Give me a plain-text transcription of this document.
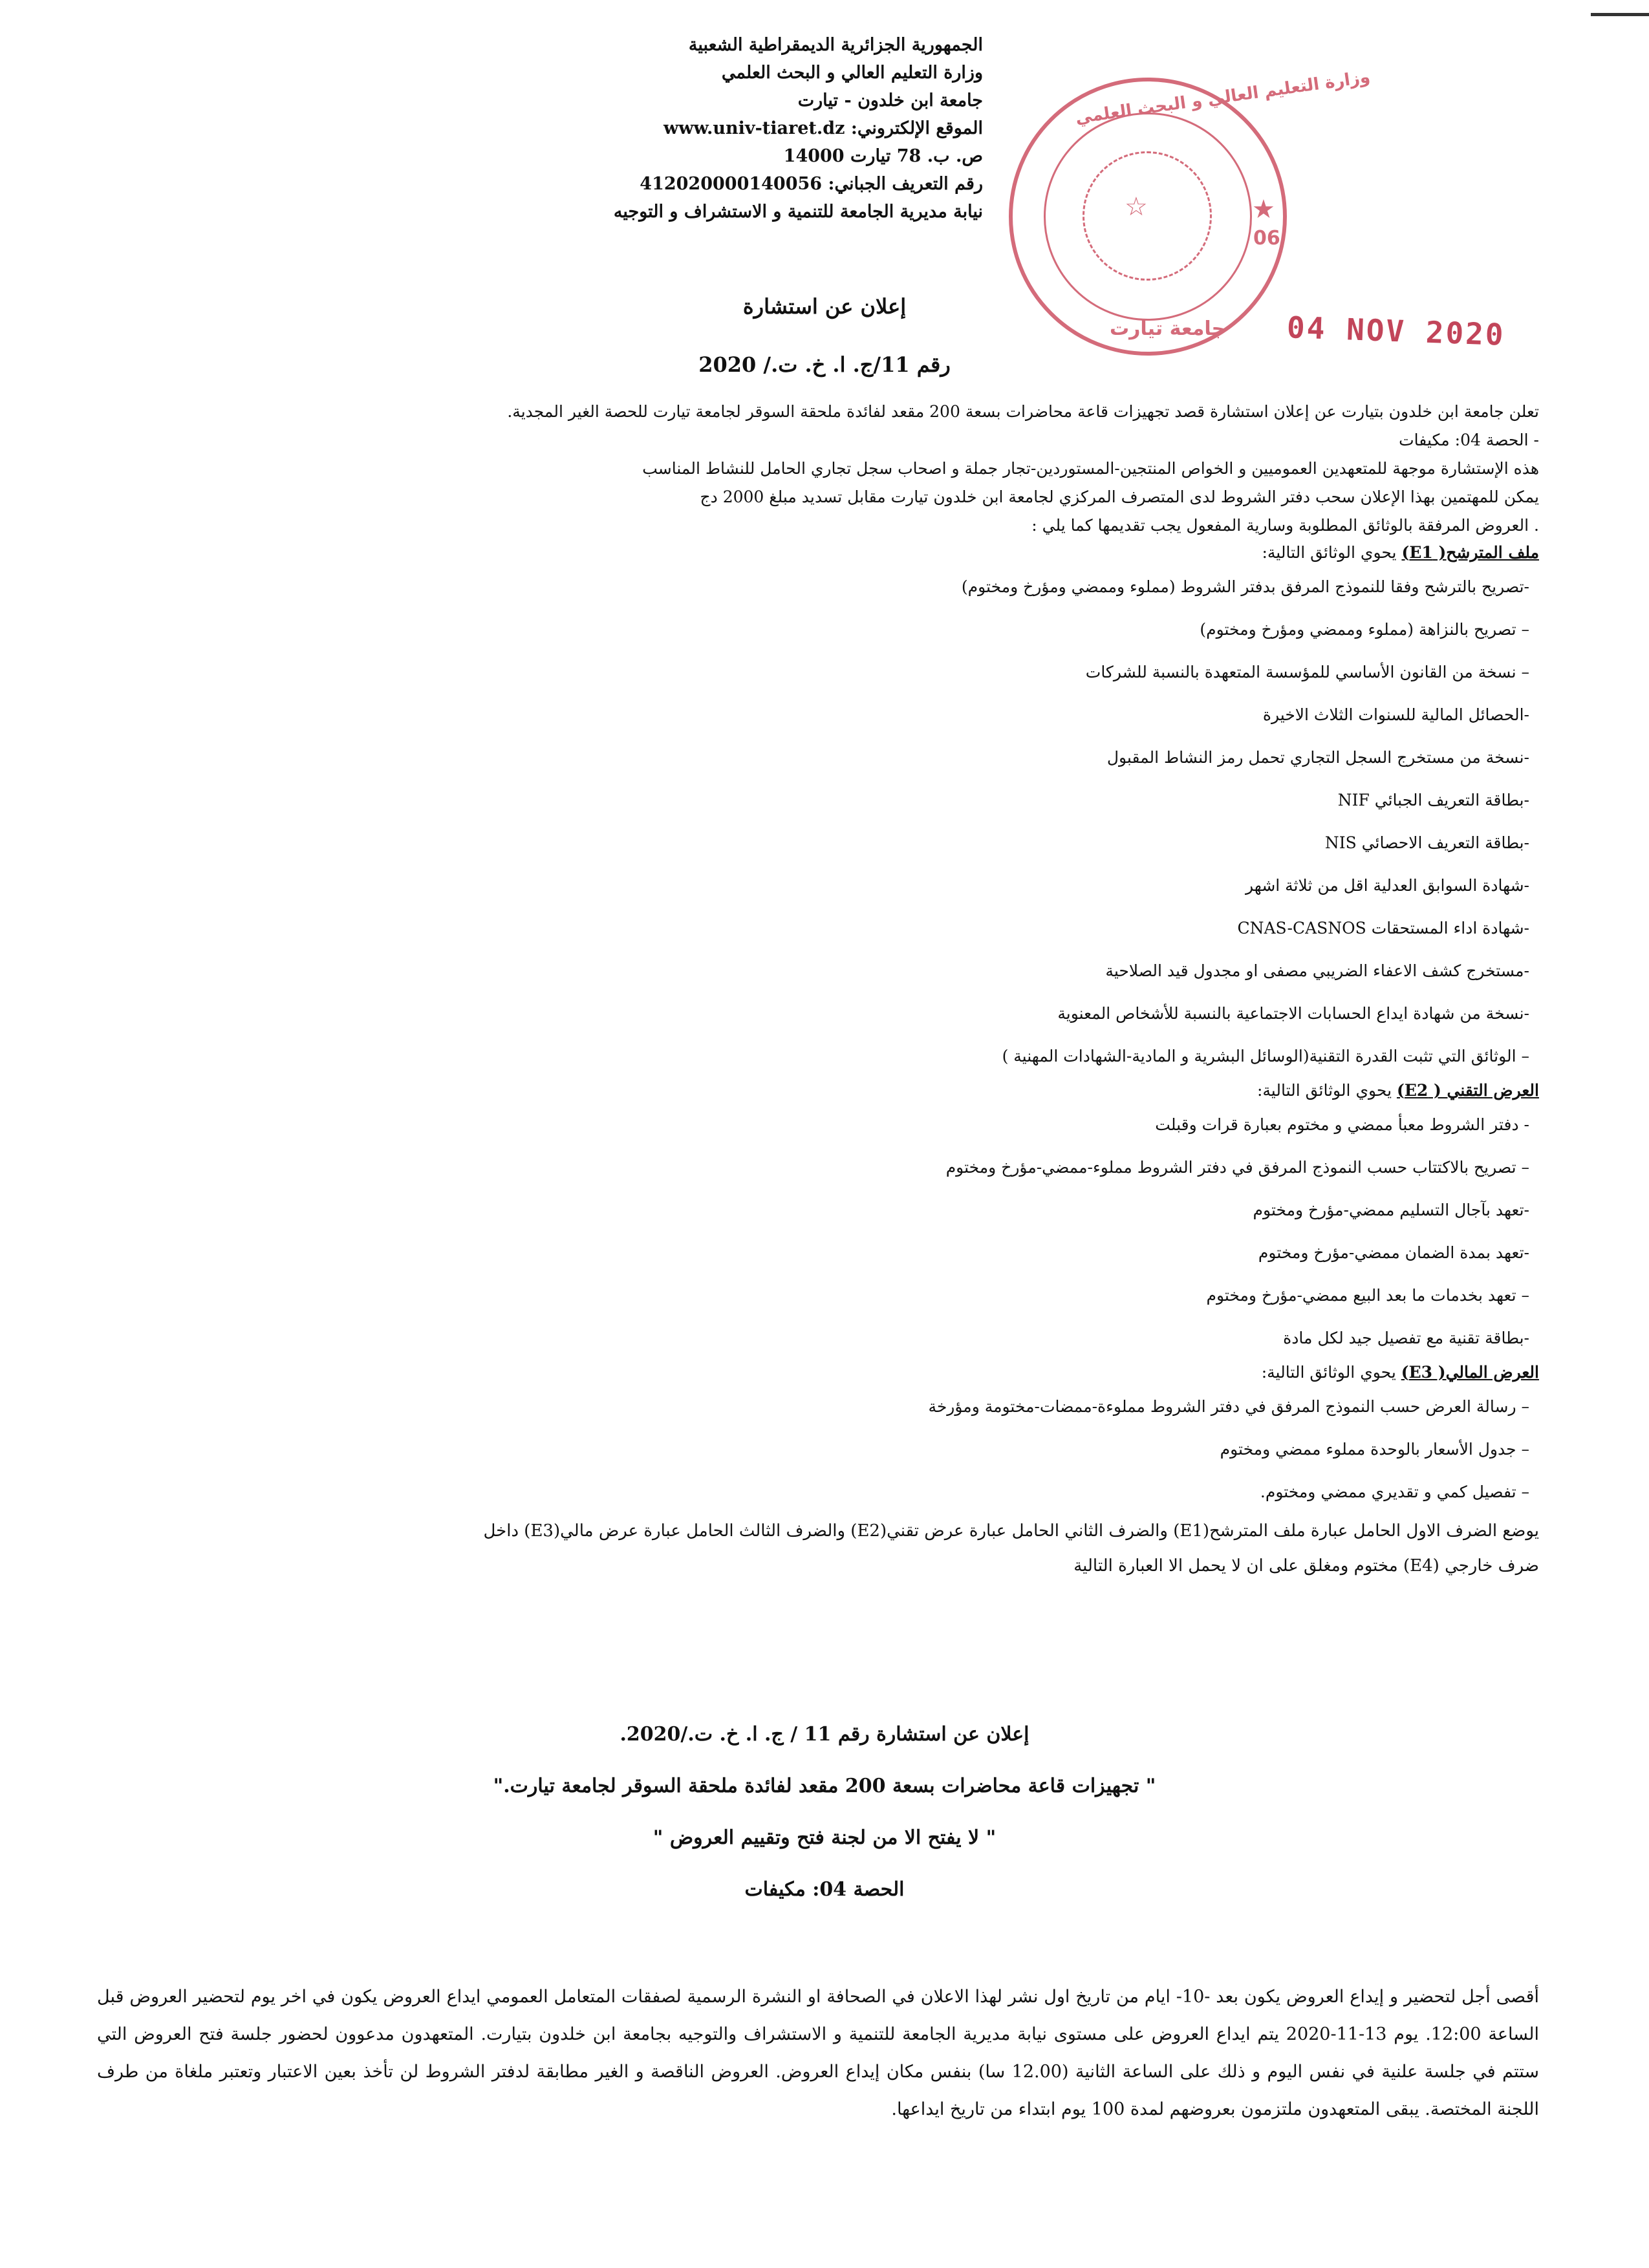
الجمهورية الجزائرية الديمقراطية الشعبية
وزارة التعليم العالي و البحث العلمي
جامعة ابن خلدون - تيارت
الموقع الإلكتروني: www.univ-tiaret.dz
ص. ب. 78 تيارت 14000
رقم التعريف الجباني: 412020000140056
نيابة مديرية الجامعة للتنمية و الاستشراف و التوجيه
وزارة التعليم العالي و البحث العلمي
☆	★
06
جامعة تيارت 04 NOV 2020
إعلان عن استشارة
رقم 11/ج. ا. خ. ت./ 2020
تعلن جامعة ابن خلدون بتيارت عن إعلان استشارة قصد تجهيزات قاعة محاضرات بسعة 200 مقعد لفائدة ملحقة السوقر لجامعة تيارت للحصة الغير المجدية.
- الحصة 04: مكيفات
هذه الإستشارة موجهة للمتعهدين العموميين و الخواص المنتجين-المستوردين-تجار جملة و اصحاب سجل تجاري الحامل للنشاط المناسب
يمكن للمهتمين بهذا الإعلان سحب دفتر الشروط لدى المتصرف المركزي لجامعة ابن خلدون تيارت مقابل تسديد مبلغ 2000 دج
. العروض المرفقة بالوثائق المطلوبة وسارية المفعول يجب تقديمها كما يلي :
ملف المترشح( E1) يحوي الوثائق التالية:
-تصريح بالترشح وفقا للنموذج المرفق بدفتر الشروط (مملوء وممضي ومؤرخ ومختوم)
– تصريح بالنزاهة (مملوء وممضي ومؤرخ ومختوم)
– نسخة من القانون الأساسي للمؤسسة المتعهدة بالنسبة للشركات
-الحصائل المالية للسنوات الثلاث الاخيرة
-نسخة من مستخرج السجل التجاري تحمل رمز النشاط المقبول
-بطاقة التعريف الجبائي NIF
-بطاقة التعريف الاحصائي NIS
-شهادة السوابق العدلية اقل من ثلاثة اشهر
-شهادة اداء المستحقات CNAS-CASNOS
-مستخرج كشف الاعفاء الضريبي مصفى او مجدول قيد الصلاحية
-نسخة من شهادة ايداع الحسابات الاجتماعية بالنسبة للأشخاص المعنوية
– الوثائق التي تثبت القدرة التقنية(الوسائل البشرية و المادية-الشهادات المهنية )
العرض التقني ( E2) يحوي الوثائق التالية:
- دفتر الشروط معبأ ممضي و مختوم بعبارة قرات وقبلت
– تصريح بالاكتتاب حسب النموذج المرفق في دفتر الشروط مملوء-ممضي-مؤرخ ومختوم
-تعهد بآجال التسليم ممضي-مؤرخ ومختوم
-تعهد بمدة الضمان ممضي-مؤرخ ومختوم
– تعهد بخدمات ما بعد البيع ممضي-مؤرخ ومختوم
-بطاقة تقنية مع تفصيل جيد لكل مادة
العرض المالي( E3) يحوي الوثائق التالية:
– رسالة العرض حسب النموذج المرفق في دفتر الشروط مملوءة-ممضات-مختومة ومؤرخة
– جدول الأسعار بالوحدة مملوء ممضي ومختوم
– تفصيل كمي و تقديري ممضي ومختوم.
يوضع الضرف الاول الحامل عبارة ملف المترشح(E1) والضرف الثاني الحامل عبارة عرض تقني(E2) والضرف الثالث الحامل عبارة عرض مالي(E3) داخل
ضرف خارجي (E4) مختوم ومغلق على ان لا يحمل الا العبارة التالية
إعلان عن استشارة رقم 11 / ج. ا. خ. ت./2020.
" تجهيزات قاعة محاضرات بسعة 200 مقعد لفائدة ملحقة السوقر لجامعة تيارت."
" لا يفتح الا من لجنة فتح وتقييم العروض "
الحصة 04: مكيفات
أقصى أجل لتحضير و إيداع العروض يكون بعد -10- ايام من تاريخ اول نشر لهذا الاعلان في الصحافة او النشرة الرسمية لصفقات المتعامل العمومي ايداع العروض يكون في اخر يوم لتحضير العروض قبل الساعة 12:00. يوم 13-11-2020 يتم ايداع العروض على مستوى نيابة مديرية الجامعة للتنمية و الاستشراف والتوجيه بجامعة ابن خلدون بتيارت. المتعهدون مدعوون لحضور جلسة فتح العروض التي ستتم في جلسة علنية في نفس اليوم و ذلك على الساعة الثانية (12.00 سا) بنفس مكان إيداع العروض. العروض الناقصة و الغير مطابقة لدفتر الشروط لن تأخذ بعين الاعتبار وتعتبر ملغاة من طرف اللجنة المختصة. يبقى المتعهدون ملتزمون بعروضهم لمدة 100 يوم ابتداء من تاريخ ايداعها.
